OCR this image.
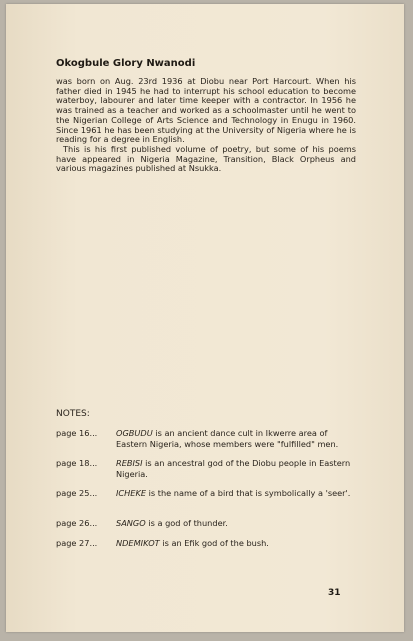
Okogbule Glory Nwanodi

was born on Aug. 23rd 1936 at Diobu near Port Harcourt. When his father died in 1945 he had to interrupt his school education to become waterboy, labourer and later time keeper with a contractor. In 1956 he was trained as a teacher and worked as a schoolmaster until he went to the Nigerian College of Arts Science and Technology in Enugu in 1960. Since 1961 he has been studying at the University of Nigeria where he is reading for a degree in English.

This is his first published volume of poetry, but some of his poems have appeared in Nigeria Magazine, Transition, Black Orpheus and various magazines published at Nsukka.

NOTES:
page 16...	OGBUDU is an ancient dance cult in Ikwerre area of Eastern Nigeria, whose members were "fulfilled" men.
page 18...	REBISI is an ancestral god of the Diobu people in Eastern Nigeria.
page 25...	ICHEKE is the name of a bird that is symbolically a 'seer'.
page 26...	SANGO is a god of thunder.
page 27...	NDEMIKOT is an Efik god of the bush.
31
